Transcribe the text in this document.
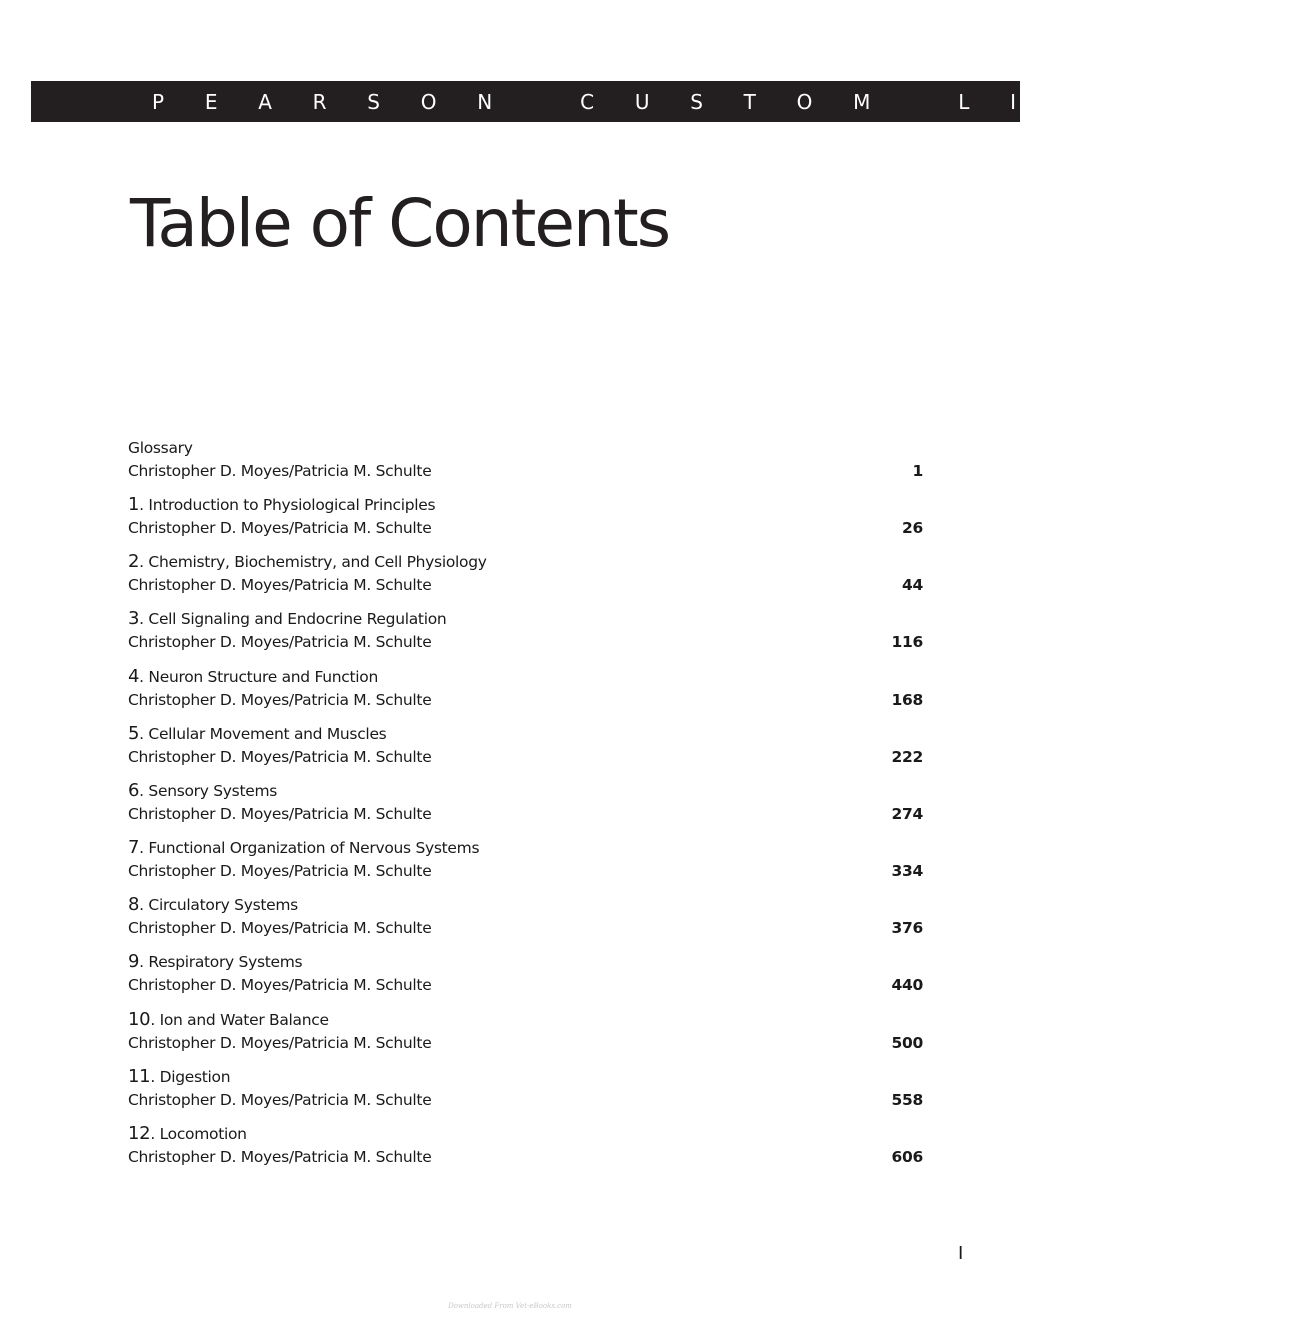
P E A R S O N   C U S T O M   L I B R A R Y
Table of Contents
Glossary
Christopher D. Moyes/Patricia M. Schulte	1
1. Introduction to Physiological Principles
Christopher D. Moyes/Patricia M. Schulte	26
2. Chemistry, Biochemistry, and Cell Physiology
Christopher D. Moyes/Patricia M. Schulte	44
3. Cell Signaling and Endocrine Regulation
Christopher D. Moyes/Patricia M. Schulte	116
4. Neuron Structure and Function
Christopher D. Moyes/Patricia M. Schulte	168
5. Cellular Movement and Muscles
Christopher D. Moyes/Patricia M. Schulte	222
6. Sensory Systems
Christopher D. Moyes/Patricia M. Schulte	274
7. Functional Organization of Nervous Systems
Christopher D. Moyes/Patricia M. Schulte	334
8. Circulatory Systems
Christopher D. Moyes/Patricia M. Schulte	376
9. Respiratory Systems
Christopher D. Moyes/Patricia M. Schulte	440
10. Ion and Water Balance
Christopher D. Moyes/Patricia M. Schulte	500
11. Digestion
Christopher D. Moyes/Patricia M. Schulte	558
12. Locomotion
Christopher D. Moyes/Patricia M. Schulte	606
I
Downloaded From Vet-eBooks.com
